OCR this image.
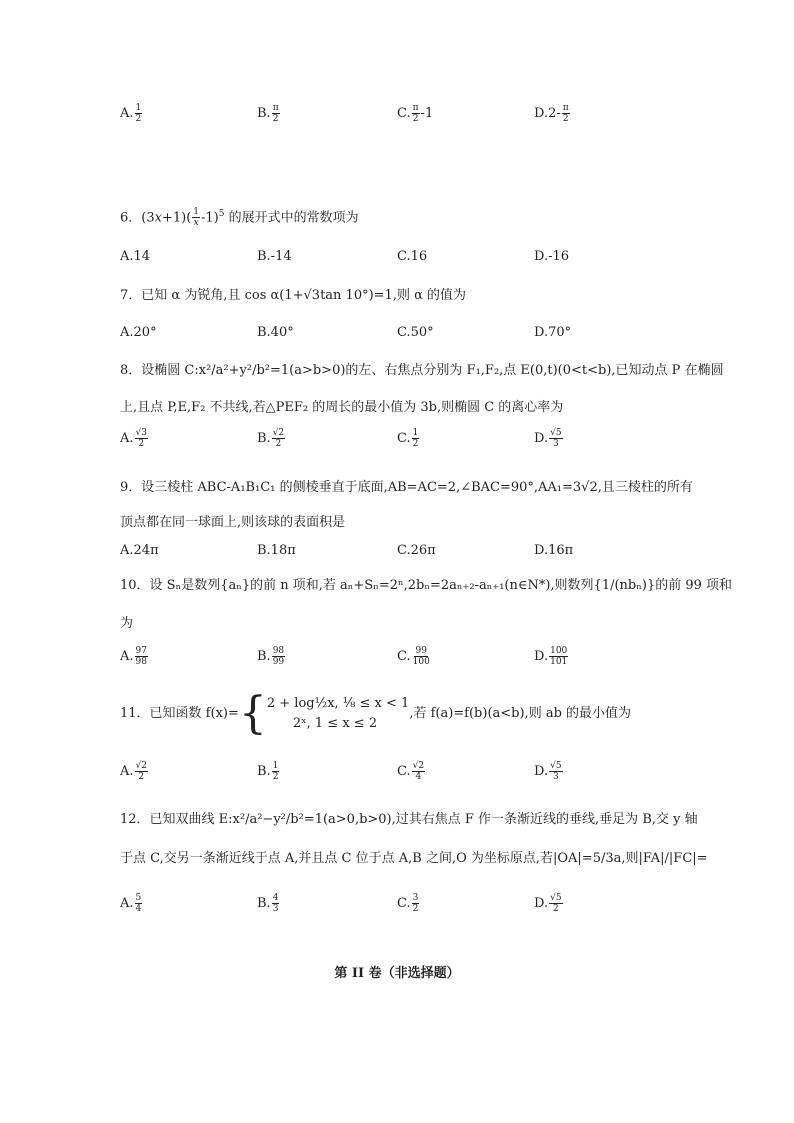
A. $\frac{1}{2}$	B. $\frac{\pi}{2}$	C. $\frac{\pi}{2} -1$	$D.2- \frac{\pi}{2}$
6．$(3x+1)( \frac{1}{x} -1)^5$ 的展开式中的常数项为
A.14	B.-14	C.16	D.-16
7．已知 α 为锐角,且 cos α(1+√3tan 10°)=1,则 α 的值为
A.20°	B.40°	C.50°	D.70°
8．设椭圆 C:x²/a²+y²/b²=1(a>b>0)的左、右焦点分别为 F₁,F₂,点 E(0,t)(0<t<b),已知动点 P 在椭圆
上,且点 P,E,F₂ 不共线,若△PEF₂ 的周长的最小值为 3b,则椭圆 C 的离心率为
A. $\frac{√3}{2}$	B. $\frac{√2}{2}$	C. $\frac{1}{2}$	D. $\frac{√5}{3}$
9．设三棱柱 ABC-A₁B₁C₁ 的侧棱垂直于底面,AB=AC=2,∠BAC=90°,AA₁=3√2,且三棱柱的所有
顶点都在同一球面上,则该球的表面积是
A.24π	B.18π	C.26π	D.16π
10．设 Sₙ是数列{aₙ}的前 n 项和,若 aₙ+Sₙ=2ⁿ,2bₙ=2aₙ₊₂-aₙ₊₁(n∈N*),则数列{1/(nbₙ)}的前 99 项和
为
A. $\frac{97}{98}$	B. $\frac{98}{99}$	C. $\frac{99}{100}$	D. $\frac{100}{101}$
11． 已知函数 f(x)= { 2 + log½x, ⅛ ≤ x < 1
2ˣ, 1 ≤ x ≤ 2
,若 f(a)=f(b)(a<b),则 ab 的最小值为
A. $\frac{√2}{2}$	B. $\frac{1}{2}$	C. $\frac{√2}{4}$	D. $\frac{√5}{3}$
12．已知双曲线 E:x²/a²−y²/b²=1(a>0,b>0),过其右焦点 F 作一条渐近线的垂线,垂足为 B,交 y 轴
于点 C,交另一条渐近线于点 A,并且点 C 位于点 A,B 之间,O 为坐标原点,若|OA|=5/3a,则|FA|/|FC|=
A. $\frac{5}{4}$	B. $\frac{4}{3}$	C. $\frac{3}{2}$	D. $\frac{√5}{2}$
第 II 卷（非选择题）
